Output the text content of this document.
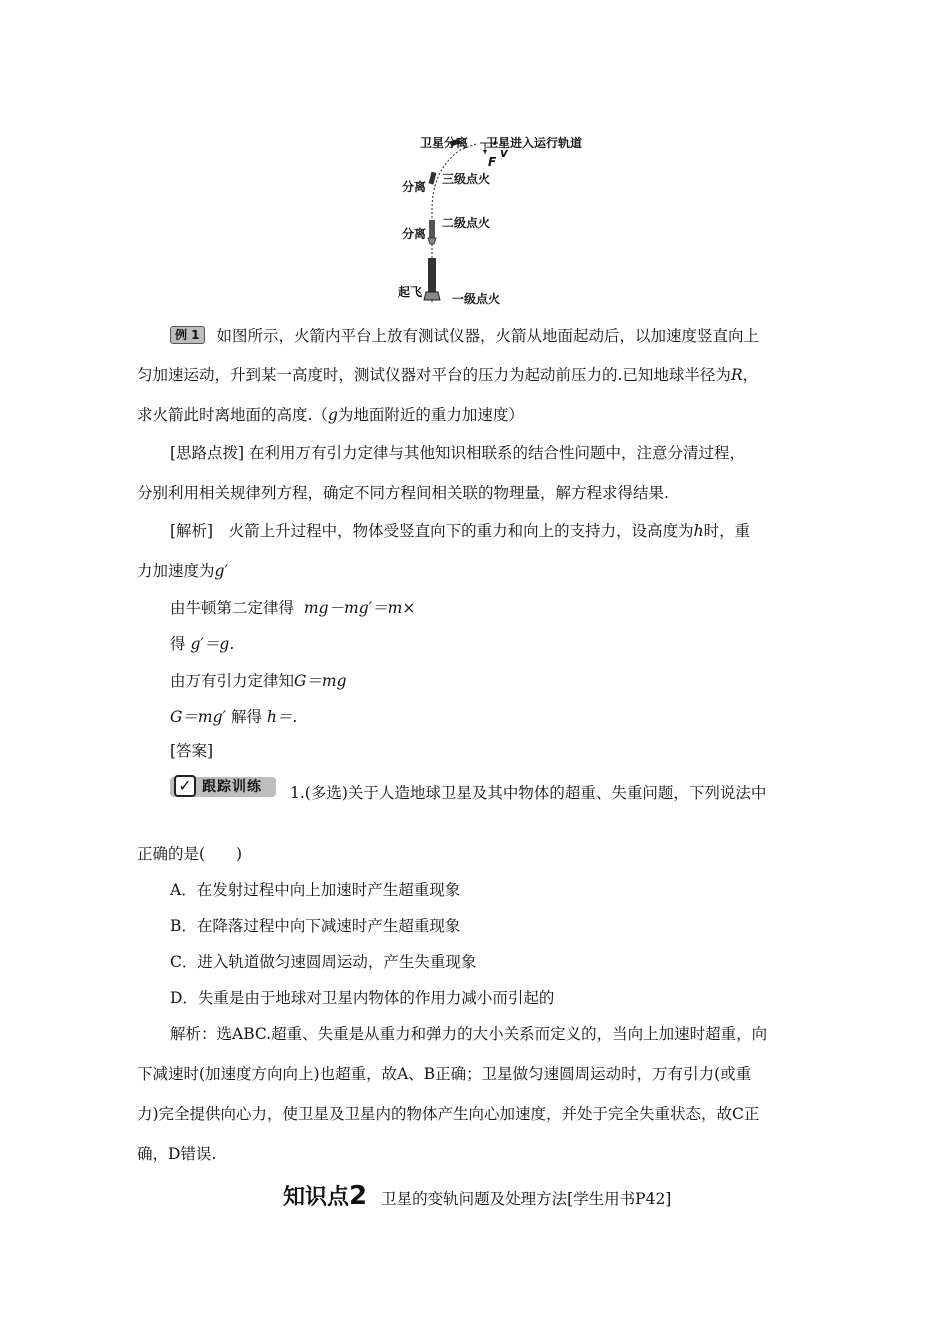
卫星分离 卫星进入运行轨道
v
F
分离
三级点火
分离
二级点火
起飞 一级点火
例 1 如图所示，火箭内平台上放有测试仪器，火箭从地面起动后，以加速度竖直向上
匀加速运动，升到某一高度时，测试仪器对平台的压力为起动前压力的.已知地球半径为R，
求火箭此时离地面的高度.（g为地面附近的重力加速度）
[思路点拨] 在利用万有引力定律与其他知识相联系的结合性问题中，注意分清过程，
分别利用相关规律列方程，确定不同方程间相关联的物理量，解方程求得结果.
[解析]　火箭上升过程中，物体受竖直向下的重力和向上的支持力，设高度为h时，重
力加速度为g′
由牛顿第二定律得 mg－mg′＝m×
得 g′＝g.
由万有引力定律知G＝mg
G＝mg′ 解得 h＝.
[答案]
✓ 跟踪训练 1.(多选)关于人造地球卫星及其中物体的超重、失重问题，下列说法中
正确的是(　　)
A．在发射过程中向上加速时产生超重现象
B．在降落过程中向下减速时产生超重现象
C．进入轨道做匀速圆周运动，产生失重现象
D．失重是由于地球对卫星内物体的作用力减小而引起的
解析：选ABC.超重、失重是从重力和弹力的大小关系而定义的，当向上加速时超重，向
下减速时(加速度方向向上)也超重，故A、B正确；卫星做匀速圆周运动时，万有引力(或重
力)完全提供向心力，使卫星及卫星内的物体产生向心加速度，并处于完全失重状态，故C正
确，D错误.
知识点2 卫星的变轨问题及处理方法[学生用书P42]
